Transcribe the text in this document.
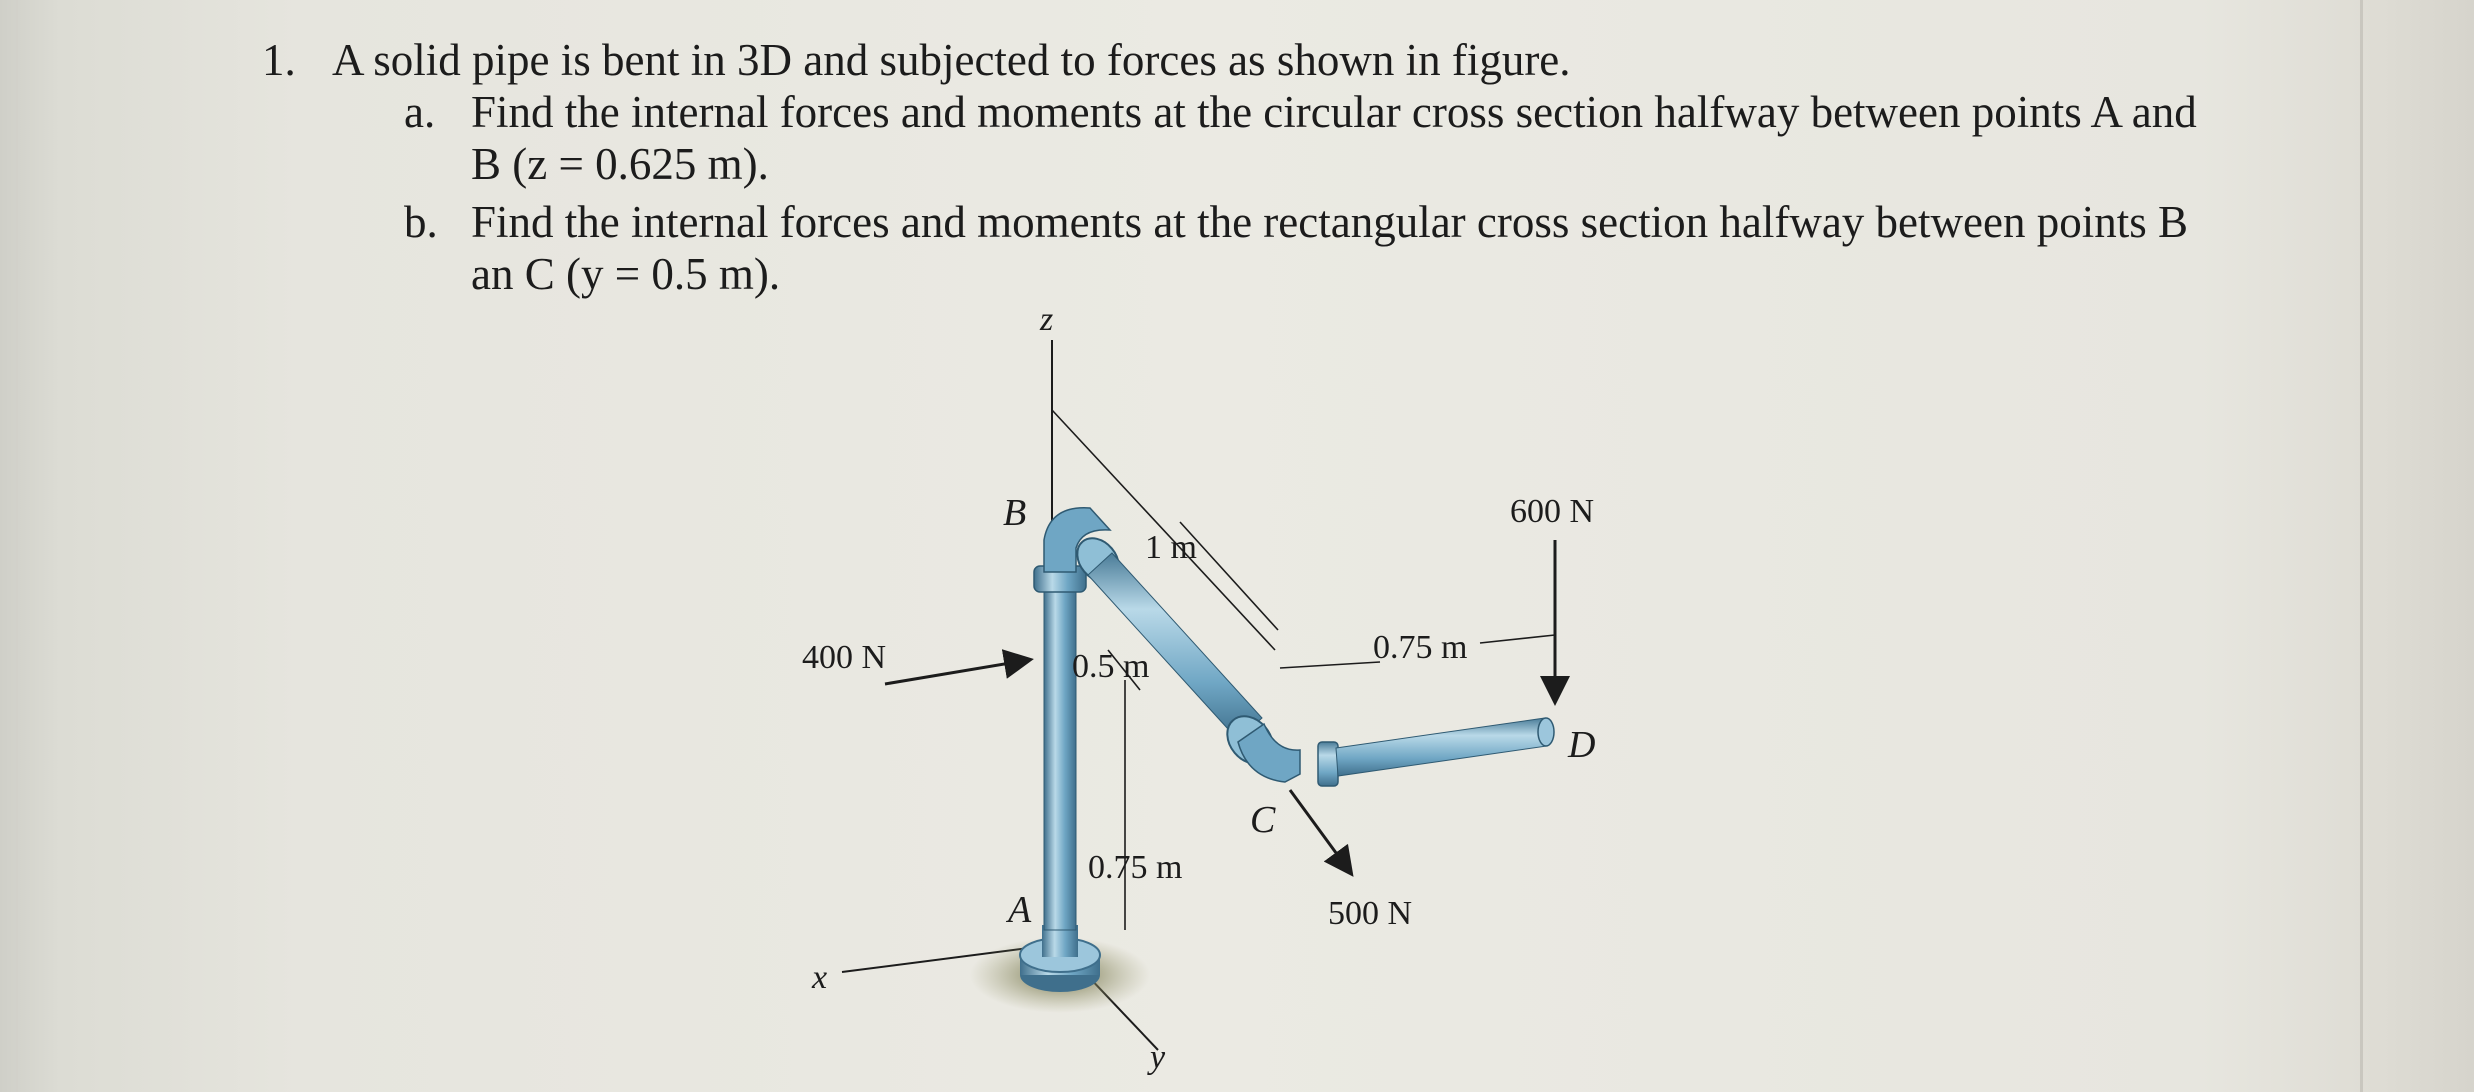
1. A solid pipe is bent in 3D and subjected to forces as shown in figure.
a. Find the internal forces and moments at the circular cross section halfway between points A and
B (z = 0.625 m).
b. Find the internal forces and moments at the rectangular cross section halfway between points B
an C (y = 0.5 m).
z
x
y
B
A
C
D
1 m
0.5 m
0.75 m
0.75 m
400 N
500 N
600 N
